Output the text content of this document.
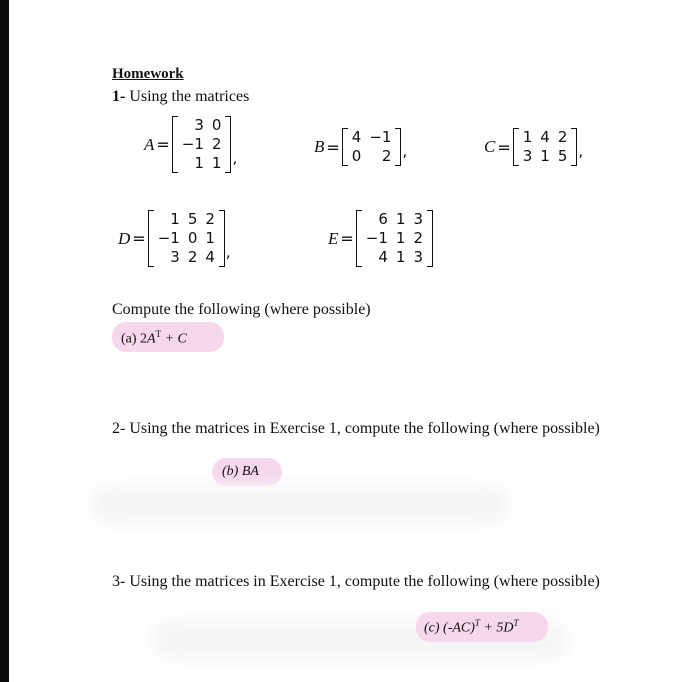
Homework
1- Using the matrices
A =
3	0
−1	2
1	1 ,
B =
4	−1
0	2 ,	C =
1	4	2
3	1	5 ,
D =
1	5	2
−1	0	1
3	2	4 ,
E =
6	1	3
−1	1	2
4	1	3
Compute the following (where possible)
(a) $2A^T + C$
2- Using the matrices in Exercise 1, compute the following (where possible)
(b) BA
3- Using the matrices in Exercise 1, compute the following (where possible)
(c) $(-AC)^T + 5D^T$
